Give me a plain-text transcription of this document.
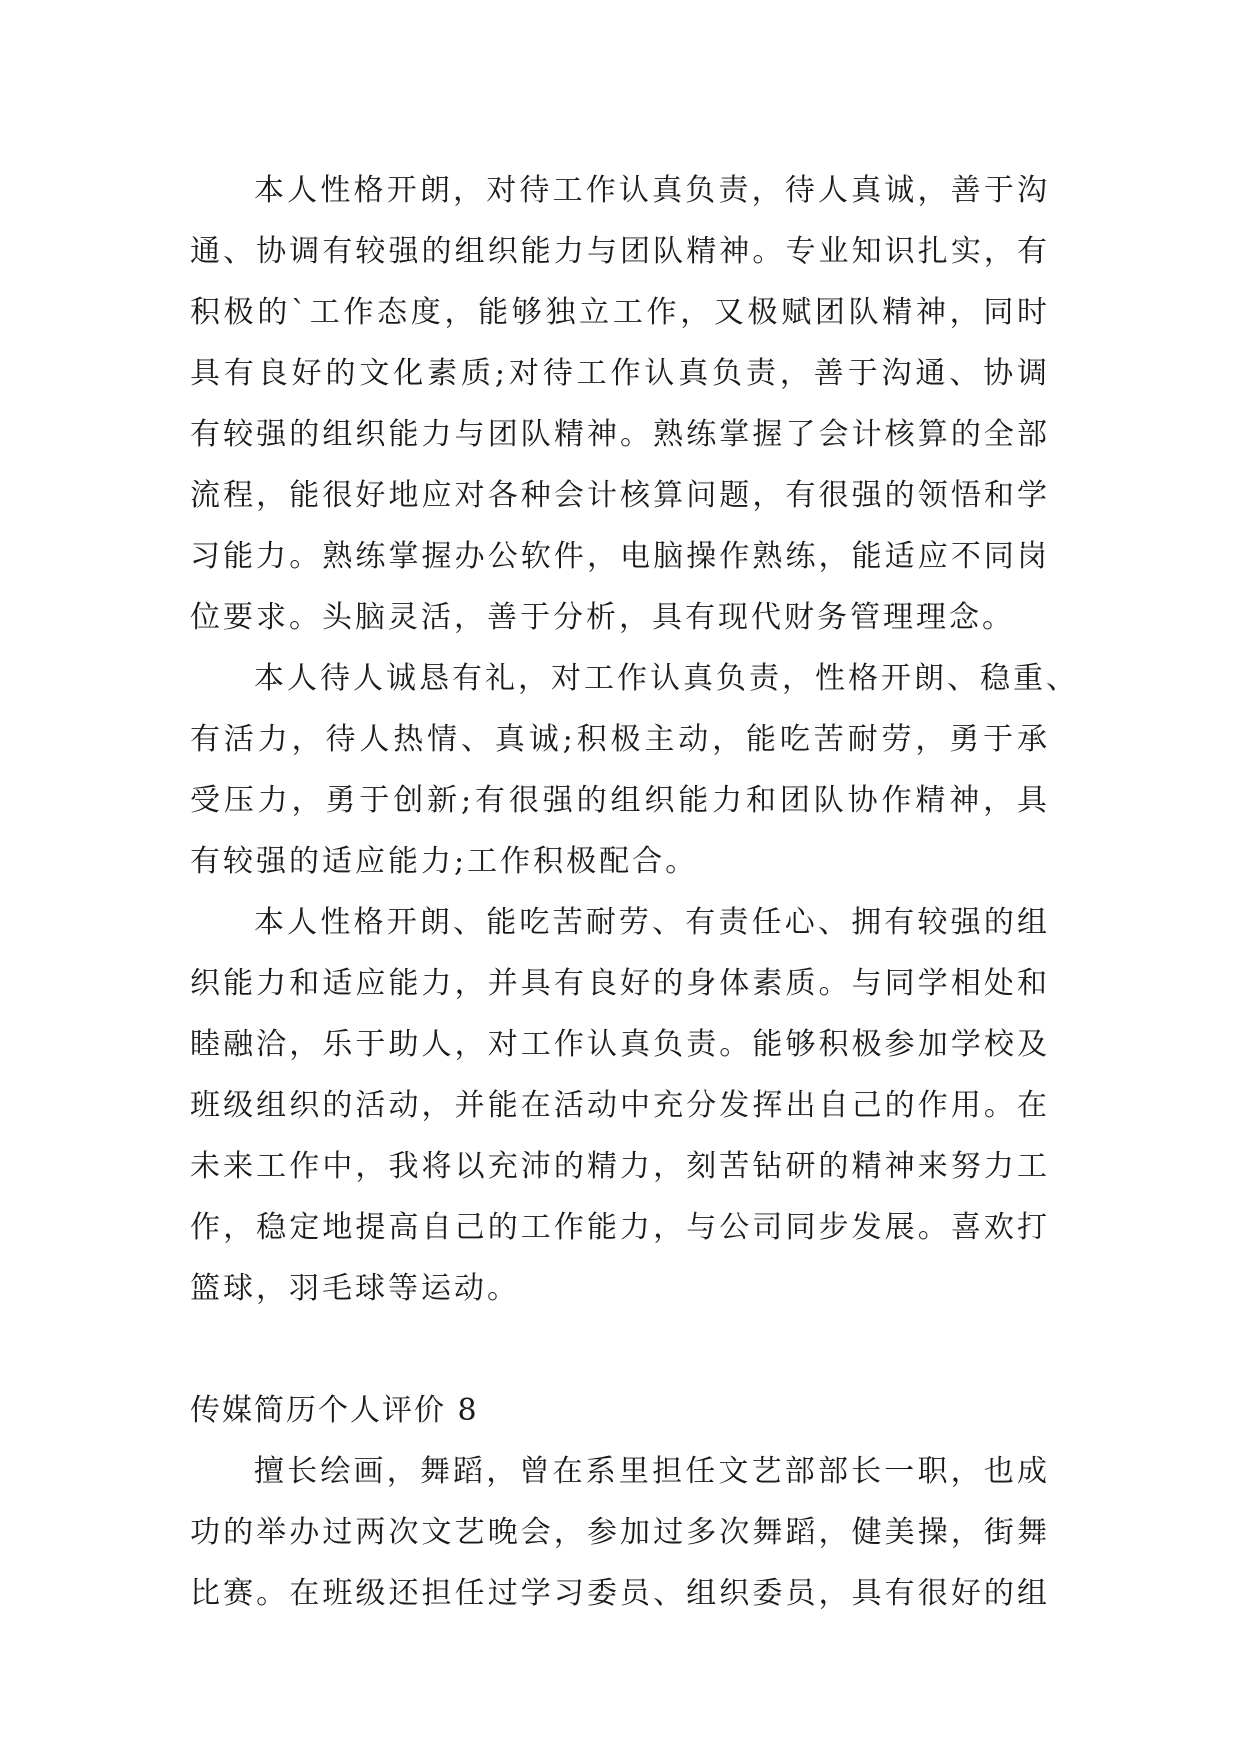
本人性格开朗，对待工作认真负责，待人真诚，善于沟
通、协调有较强的组织能力与团队精神。专业知识扎实，有
积极的`工作态度，能够独立工作，又极赋团队精神，同时
具有良好的文化素质;对待工作认真负责，善于沟通、协调
有较强的组织能力与团队精神。熟练掌握了会计核算的全部
流程，能很好地应对各种会计核算问题，有很强的领悟和学
习能力。熟练掌握办公软件，电脑操作熟练，能适应不同岗
位要求。头脑灵活，善于分析，具有现代财务管理理念。
本人待人诚恳有礼，对工作认真负责，性格开朗、稳重、
有活力，待人热情、真诚;积极主动，能吃苦耐劳，勇于承
受压力，勇于创新;有很强的组织能力和团队协作精神，具
有较强的适应能力;工作积极配合。
本人性格开朗、能吃苦耐劳、有责任心、拥有较强的组
织能力和适应能力，并具有良好的身体素质。与同学相处和
睦融洽，乐于助人，对工作认真负责。能够积极参加学校及
班级组织的活动，并能在活动中充分发挥出自己的作用。在
未来工作中，我将以充沛的精力，刻苦钻研的精神来努力工
作，稳定地提高自己的工作能力，与公司同步发展。喜欢打
篮球，羽毛球等运动。
传媒简历个人评价 8
擅长绘画，舞蹈，曾在系里担任文艺部部长一职，也成
功的举办过两次文艺晚会，参加过多次舞蹈，健美操，街舞
比赛。在班级还担任过学习委员、组织委员，具有很好的组
